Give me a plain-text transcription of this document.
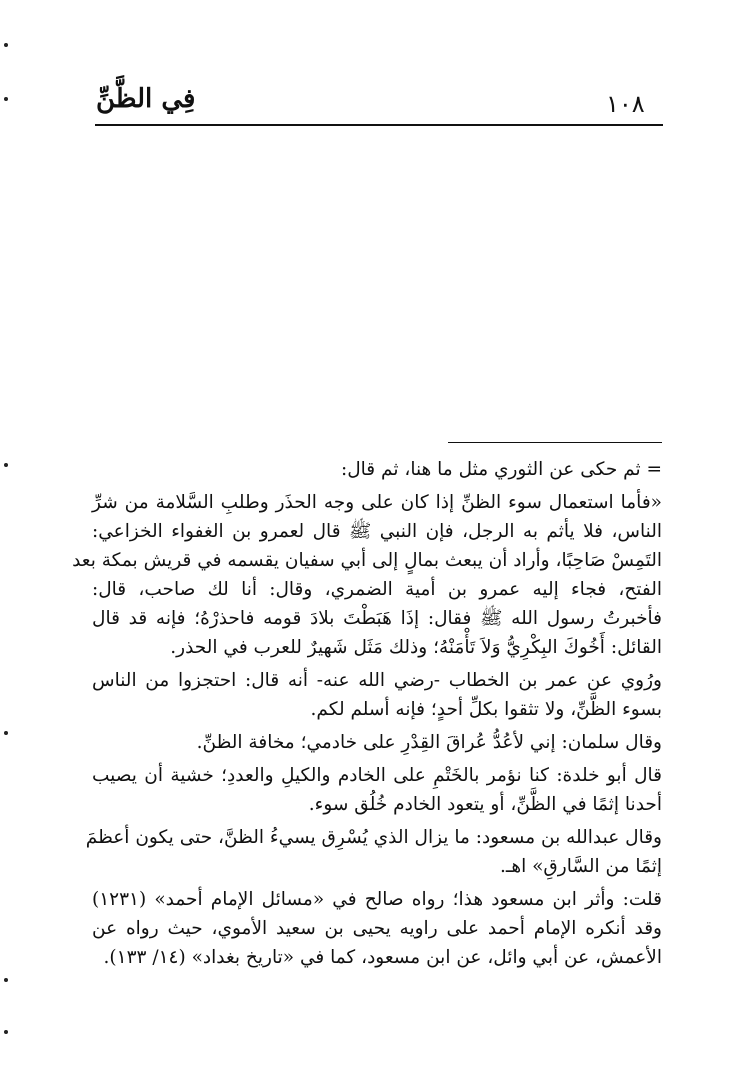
١٠٨
فِي الظَّنِّ

= ثم حكى عن الثوري مثل ما هنا، ثم قال:

«فأما استعمال سوء الظنِّ إذا كان على وجه الحذَر وطلبِ السَّلامة من شرِّ
الناس، فلا يأثم به الرجل، فإن النبي ﷺ قال لعمرو بن الغفواء الخزاعي:
التَمِسْ صَاحِبًا، وأراد أن يبعث بمالٍ إلى أبي سفيان يقسمه في قريش بمكة بعد
الفتح، فجاء إليه عمرو بن أمية الضمري، وقال: أنا لك صاحب، قال:
فأخبرتُ رسول الله ﷺ فقال: إذَا هَبَطْتَ بلادَ قومه فاحذرْهُ؛ فإنه قد قال
القائل: أَخُوكَ البِكْرِيُّ وَلاَ تَأْمَنْهُ؛ وذلك مَثَل شَهيرٌ للعرب في الحذر.

ورُوي عن عمر بن الخطاب -رضي الله عنه- أنه قال: احتجزوا من الناس
بسوء الظَّنِّ، ولا تثقوا بكلِّ أحدٍ؛ فإنه أسلم لكم.

وقال سلمان: إني لأعُدُّ عُراقَ القِدْرِ على خادمي؛ مخافة الظنِّ.

قال أبو خلدة: كنا نؤمر بالخَتْمِ على الخادم والكيلِ والعددِ؛ خشية أن يصيب
أحدنا إثمًا في الظَّنِّ، أو يتعود الخادم خُلُق سوء.

وقال عبدالله بن مسعود: ما يزال الذي يُسْرِق يسيءُ الظنَّ، حتى يكون أعظمَ
إثمًا من السَّارقِ» اهـ.

قلت: وأثر ابن مسعود هذا؛ رواه صالح في «مسائل الإمام أحمد» (١٢٣١)
وقد أنكره الإمام أحمد على راويه يحيى بن سعيد الأموي، حيث رواه عن
الأعمش، عن أبي وائل، عن ابن مسعود، كما في «تاريخ بغداد» (١٤/ ١٣٣).
